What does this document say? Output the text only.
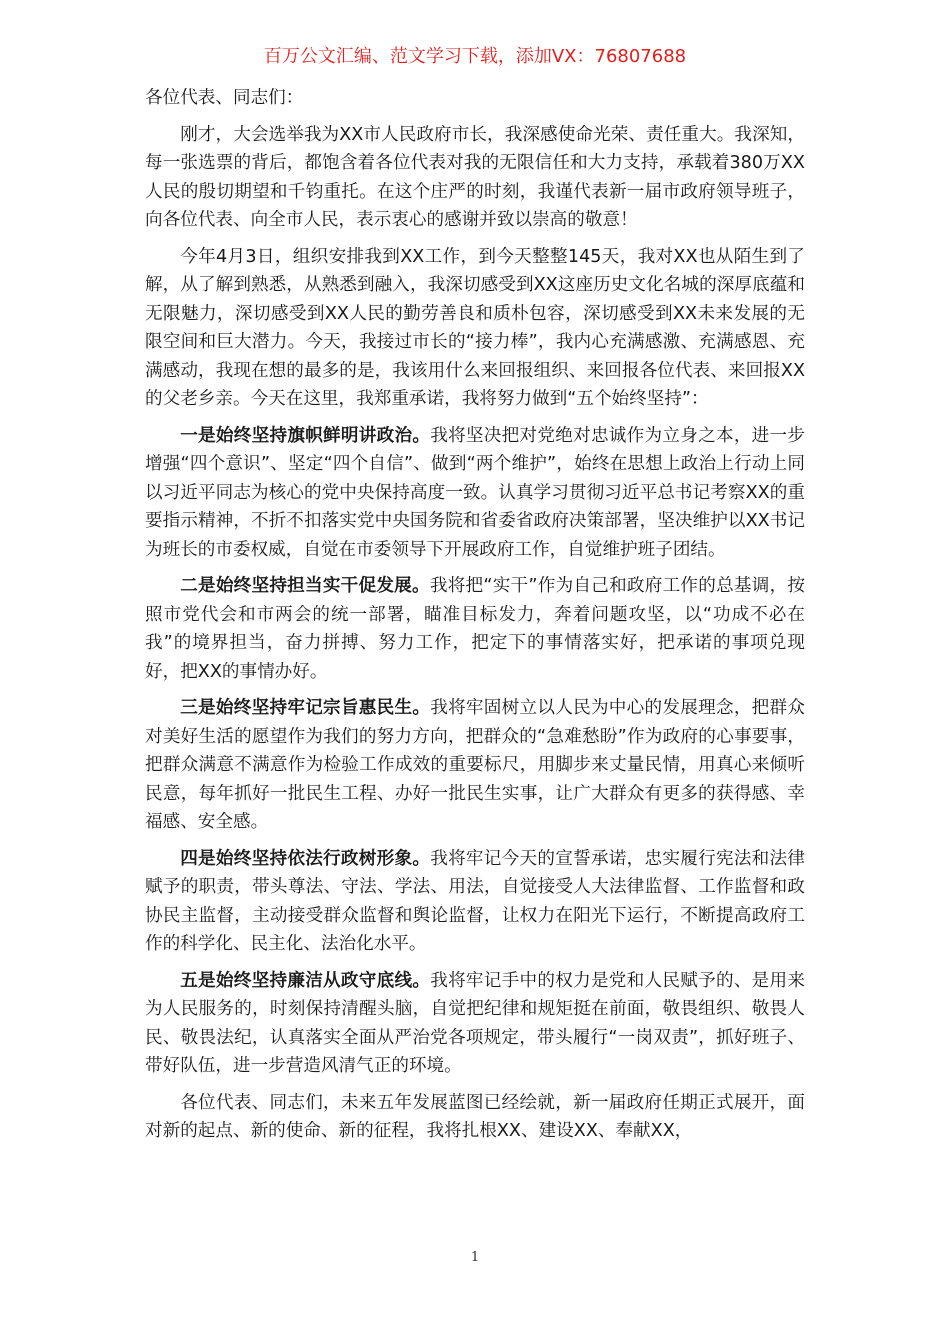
百万公文汇编、范文学习下载，添加VX：76807688

各位代表、同志们：

刚才，大会选举我为XX市人民政府市长，我深感使命光荣、责任重大。我深知，每一张选票的背后，都饱含着各位代表对我的无限信任和大力支持，承载着380万XX人民的殷切期望和千钧重托。在这个庄严的时刻，我谨代表新一届市政府领导班子，向各位代表、向全市人民，表示衷心的感谢并致以崇高的敬意！

今年4月3日，组织安排我到XX工作，到今天整整145天，我对XX也从陌生到了解，从了解到熟悉，从熟悉到融入，我深切感受到XX这座历史文化名城的深厚底蕴和无限魅力，深切感受到XX人民的勤劳善良和质朴包容，深切感受到XX未来发展的无限空间和巨大潜力。今天，我接过市长的“接力棒”，我内心充满感激、充满感恩、充满感动，我现在想的最多的是，我该用什么来回报组织、来回报各位代表、来回报XX的父老乡亲。今天在这里，我郑重承诺，我将努力做到“五个始终坚持”：

一是始终坚持旗帜鲜明讲政治。我将坚决把对党绝对忠诚作为立身之本，进一步增强“四个意识”、坚定“四个自信”、做到“两个维护”，始终在思想上政治上行动上同以习近平同志为核心的党中央保持高度一致。认真学习贯彻习近平总书记考察XX的重要指示精神，不折不扣落实党中央国务院和省委省政府决策部署，坚决维护以XX书记为班长的市委权威，自觉在市委领导下开展政府工作，自觉维护班子团结。

二是始终坚持担当实干促发展。我将把“实干”作为自己和政府工作的总基调，按照市党代会和市两会的统一部署，瞄准目标发力，奔着问题攻坚，以“功成不必在我”的境界担当，奋力拼搏、努力工作，把定下的事情落实好，把承诺的事项兑现好，把XX的事情办好。

三是始终坚持牢记宗旨惠民生。我将牢固树立以人民为中心的发展理念，把群众对美好生活的愿望作为我们的努力方向，把群众的“急难愁盼”作为政府的心事要事，把群众满意不满意作为检验工作成效的重要标尺，用脚步来丈量民情，用真心来倾听民意，每年抓好一批民生工程、办好一批民生实事，让广大群众有更多的获得感、幸福感、安全感。

四是始终坚持依法行政树形象。我将牢记今天的宣誓承诺，忠实履行宪法和法律赋予的职责，带头尊法、守法、学法、用法，自觉接受人大法律监督、工作监督和政协民主监督，主动接受群众监督和舆论监督，让权力在阳光下运行，不断提高政府工作的科学化、民主化、法治化水平。

五是始终坚持廉洁从政守底线。我将牢记手中的权力是党和人民赋予的、是用来为人民服务的，时刻保持清醒头脑，自觉把纪律和规矩挺在前面，敬畏组织、敬畏人民、敬畏法纪，认真落实全面从严治党各项规定，带头履行“一岗双责”，抓好班子、带好队伍，进一步营造风清气正的环境。

各位代表、同志们，未来五年发展蓝图已经绘就，新一届政府任期正式展开，面对新的起点、新的使命、新的征程，我将扎根XX、建设XX、奉献XX，

1
